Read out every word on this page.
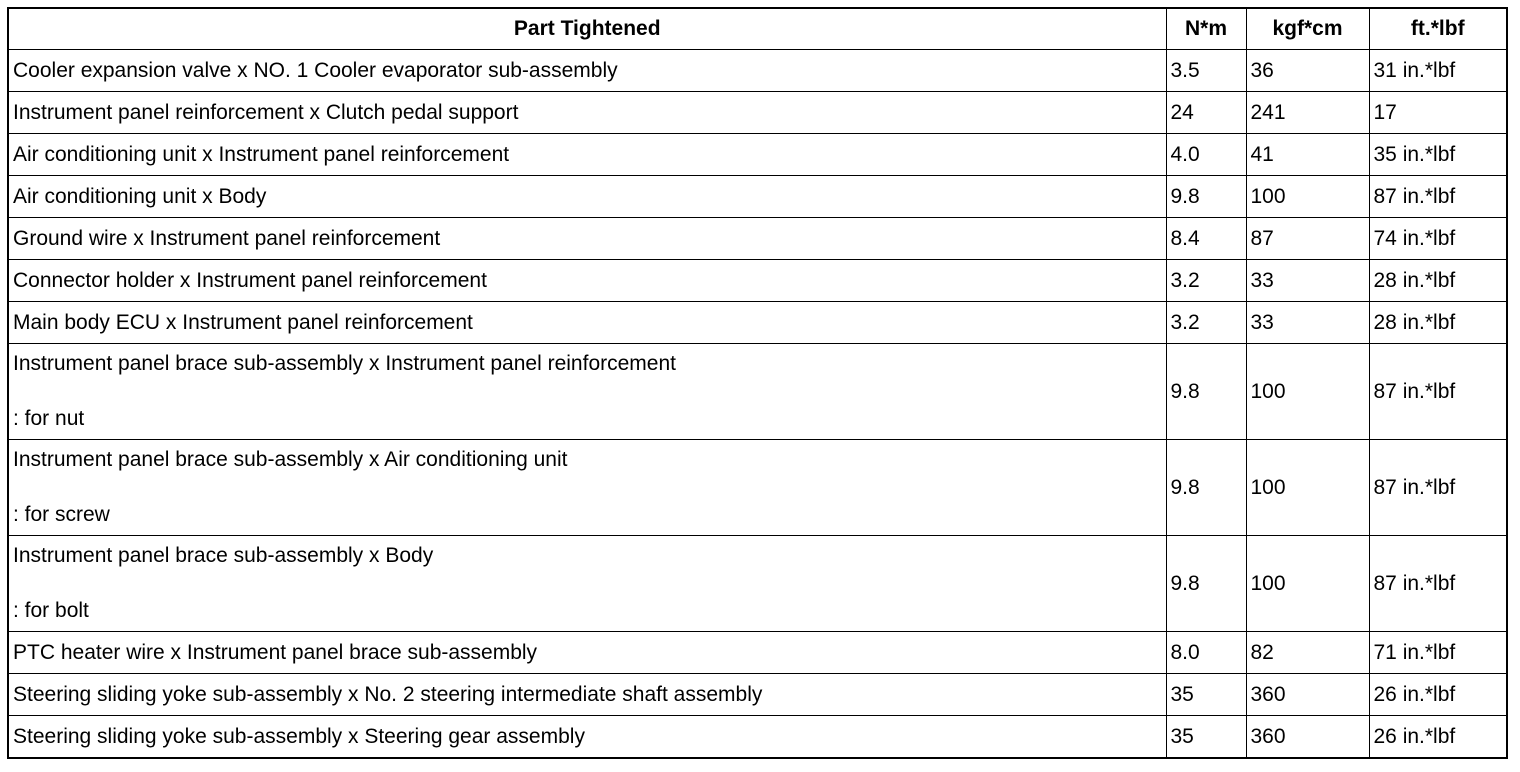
Part Tightened	N*m	kgf*cm	ft.*lbf

Cooler expansion valve x NO. 1 Cooler evaporator sub-assembly	3.5	36	31 in.*lbf

Instrument panel reinforcement x Clutch pedal support	24	241	17

Air conditioning unit x Instrument panel reinforcement	4.0	41	35 in.*lbf

Air conditioning unit x Body	9.8	100	87 in.*lbf

Ground wire x Instrument panel reinforcement	8.4	87	74 in.*lbf

Connector holder x Instrument panel reinforcement	3.2	33	28 in.*lbf

Main body ECU x Instrument panel reinforcement	3.2	33	28 in.*lbf

Instrument panel brace sub-assembly x Instrument panel reinforcement
: for nut	9.8	100	87 in.*lbf

Instrument panel brace sub-assembly x Air conditioning unit
: for screw	9.8	100	87 in.*lbf

Instrument panel brace sub-assembly x Body
: for bolt	9.8	100	87 in.*lbf

PTC heater wire x Instrument panel brace sub-assembly	8.0	82	71 in.*lbf

Steering sliding yoke sub-assembly x No. 2 steering intermediate shaft assembly	35	360	26 in.*lbf

Steering sliding yoke sub-assembly x Steering gear assembly	35	360	26 in.*lbf
